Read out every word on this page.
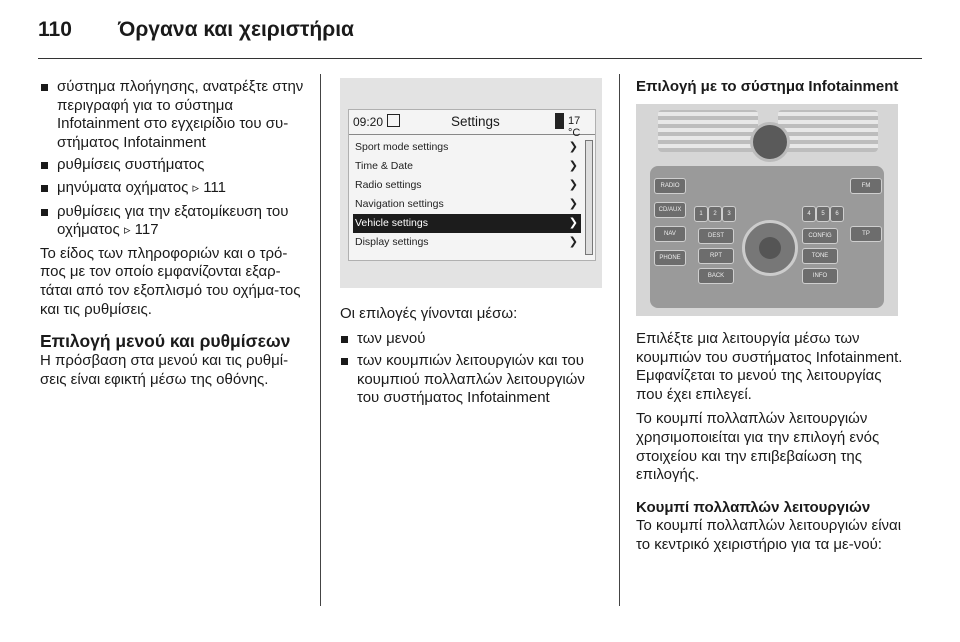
110 Όργανα και χειριστήρια
σύστημα πλοήγησης, ανατρέξτε στην περιγραφή για το σύστημα Infotainment στο εγχειρίδιο του συ-στήματος Infotainment
ρυθμίσεις συστήματος
μηνύματα οχήματος ▹ 111
ρυθμίσεις για την εξατομίκευση του οχήματος ▹ 117

Το είδος των πληροφοριών και ο τρό-πος με τον οποίο εμφανίζονται εξαρ-τάται από τον εξοπλισμό του οχήμα-τος και τις ρυθμίσεις.

Επιλογή μενού και ρυθμίσεων

Η πρόσβαση στα μενού και τις ρυθμί-σεις είναι εφικτή μέσω της οθόνης.

09:20	Settings	17 °C
Sport mode settings	❯
Time & Date	❯
Radio settings	❯
Navigation settings	❯
Vehicle settings	❯
Display settings	❯

Οι επιλογές γίνονται μέσω:

των μενού
των κουμπιών λειτουργιών και του κουμπιού πολλαπλών λειτουργιών του συστήματος Infotainment

Επιλογή με το σύστημα Infotainment

RADIO
CD/AUX
NAV
PHONE
1	2	3
DEST
RPT
BACK
4	5	6
CONFIG
TONE
INFO
FM
TP

Επιλέξτε μια λειτουργία μέσω των κουμπιών του συστήματος Infotainment. Εμφανίζεται το μενού της λειτουργίας που έχει επιλεγεί.

Το κουμπί πολλαπλών λειτουργιών χρησιμοποιείται για την επιλογή ενός στοιχείου και την επιβεβαίωση της επιλογής.

Κουμπί πολλαπλών λειτουργιών

Το κουμπί πολλαπλών λειτουργιών είναι το κεντρικό χειριστήριο για τα με-νού:
